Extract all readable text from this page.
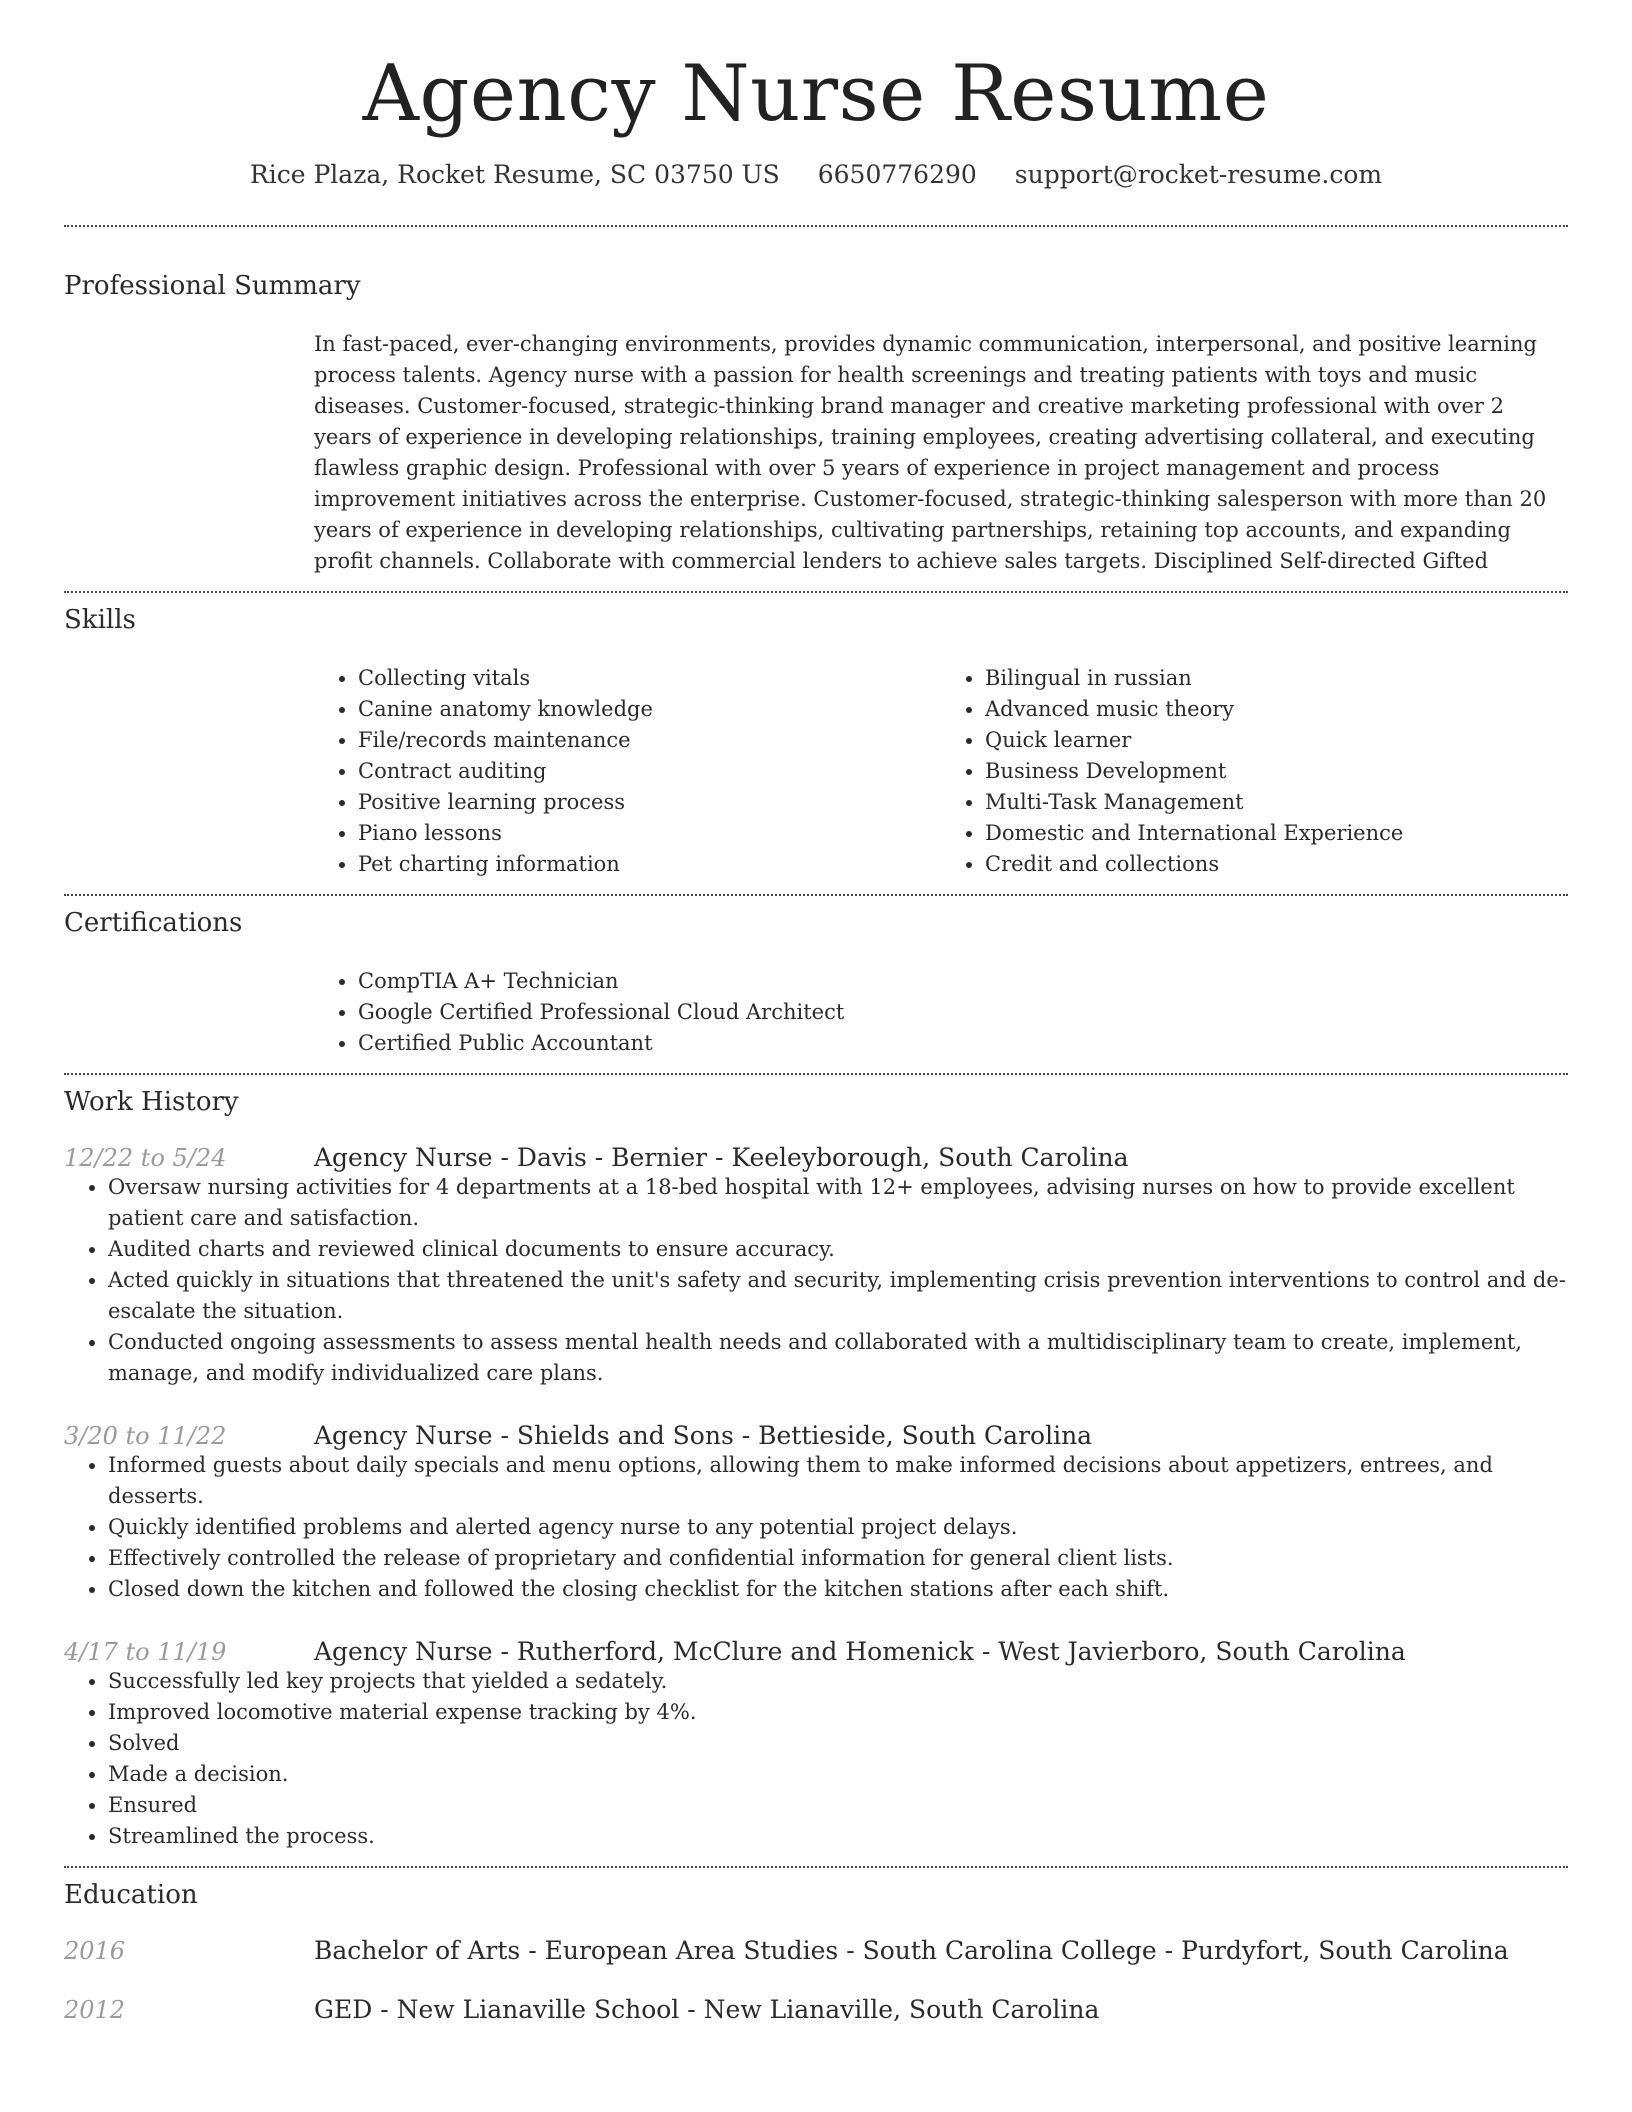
Agency Nurse Resume
Rice Plaza, Rocket Resume, SC 03750 US 6650776290 support@rocket-resume.com
Professional Summary

In fast-paced, ever-changing environments, provides dynamic communication, interpersonal, and positive learning process talents. Agency nurse with a passion for health screenings and treating patients with toys and music diseases. Customer-focused, strategic-thinking brand manager and creative marketing professional with over 2 years of experience in developing relationships, training employees, creating advertising collateral, and executing flawless graphic design. Professional with over 5 years of experience in project management and process improvement initiatives across the enterprise. Customer-focused, strategic-thinking salesperson with more than 20 years of experience in developing relationships, cultivating partnerships, retaining top accounts, and expanding profit channels. Collaborate with commercial lenders to achieve sales targets. Disciplined Self-directed Gifted

Skills
• Collecting vitals
• Canine anatomy knowledge
• File/records maintenance
• Contract auditing
• Positive learning process
• Piano lessons
• Pet charting information
• Bilingual in russian
• Advanced music theory
• Quick learner
• Business Development
• Multi-Task Management
• Domestic and International Experience
• Credit and collections
Certifications
• CompTIA A+ Technician
• Google Certified Professional Cloud Architect
• Certified Public Accountant
Work History
12/22 to 5/24	Agency Nurse - Davis - Bernier - Keeleyborough, South Carolina
• Oversaw nursing activities for 4 departments at a 18-bed hospital with 12+ employees, advising nurses on how to provide excellent patient care and satisfaction.
• Audited charts and reviewed clinical documents to ensure accuracy.
• Acted quickly in situations that threatened the unit's safety and security, implementing crisis prevention interventions to control and de-escalate the situation.
• Conducted ongoing assessments to assess mental health needs and collaborated with a multidisciplinary team to create, implement, manage, and modify individualized care plans.
3/20 to 11/22	Agency Nurse - Shields and Sons - Bettieside, South Carolina
• Informed guests about daily specials and menu options, allowing them to make informed decisions about appetizers, entrees, and desserts.
• Quickly identified problems and alerted agency nurse to any potential project delays.
• Effectively controlled the release of proprietary and confidential information for general client lists.
• Closed down the kitchen and followed the closing checklist for the kitchen stations after each shift.
4/17 to 11/19	Agency Nurse - Rutherford, McClure and Homenick - West Javierboro, South Carolina
• Successfully led key projects that yielded a sedately.
• Improved locomotive material expense tracking by 4%.
• Solved
• Made a decision.
• Ensured
• Streamlined the process.
Education
2016	Bachelor of Arts - European Area Studies - South Carolina College - Purdyfort, South Carolina
2012	GED - New Lianaville School - New Lianaville, South Carolina
